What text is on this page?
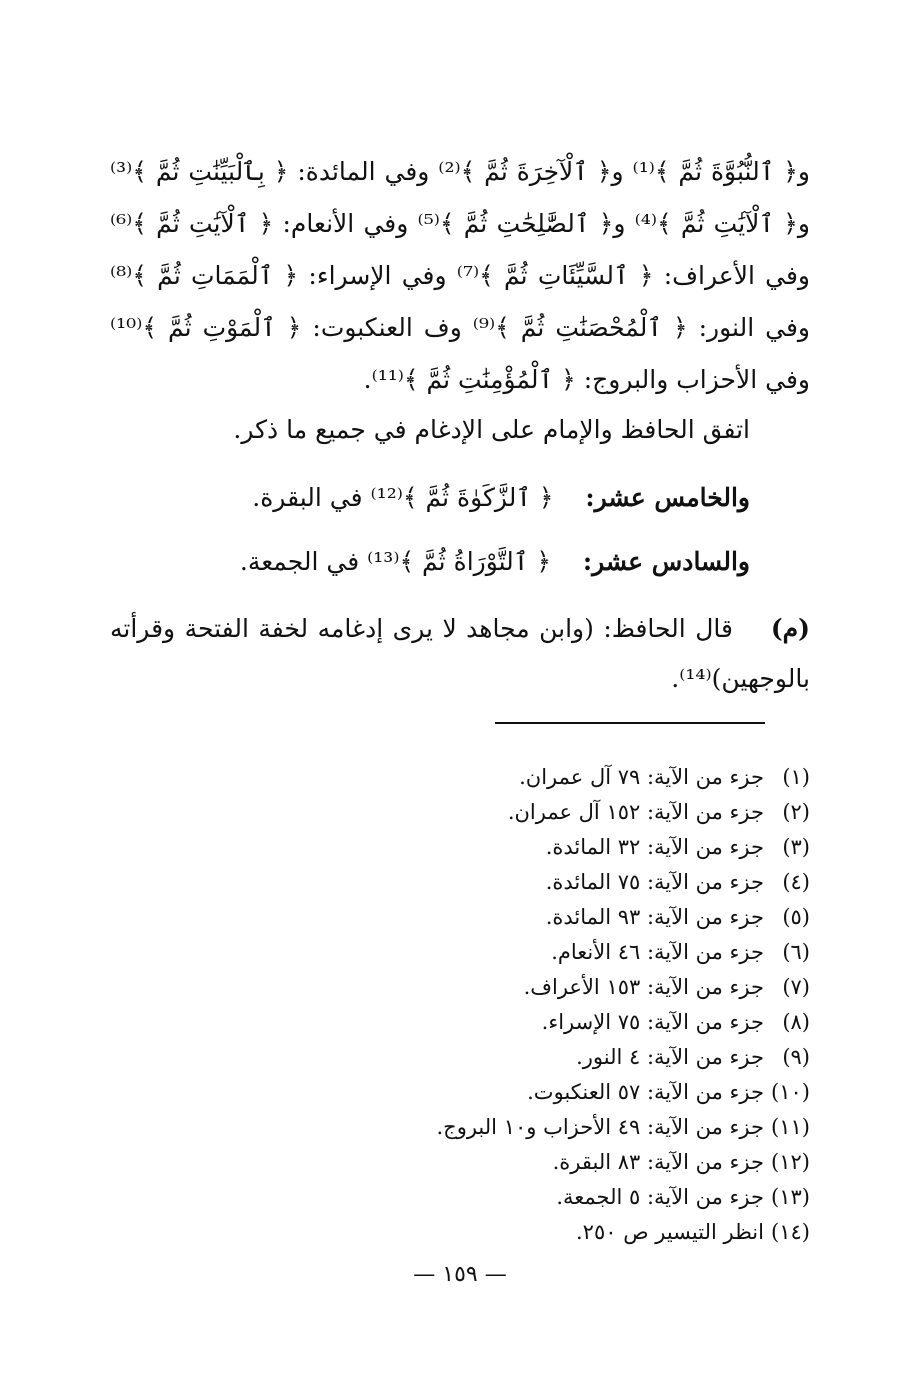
و﴿ ٱلنُّبُوَّةَ ثُمَّ ﴾⁽¹⁾ و﴿ ٱلْآخِرَةَ ثُمَّ ﴾⁽²⁾ وفي المائدة: ﴿ بِٱلْبَيِّنَٰتِ ثُمَّ ﴾⁽³⁾ و﴿ ٱلْآيَٰتِ ثُمَّ ﴾⁽⁴⁾ و﴿ ٱلصَّٰلِحَٰتِ ثُمَّ ﴾⁽⁵⁾ وفي الأنعام: ﴿ ٱلْآيَٰتِ ثُمَّ ﴾⁽⁶⁾ وفي الأعراف: ﴿ ٱلسَّيِّئَاتِ ثُمَّ ﴾⁽⁷⁾ وفي الإسراء: ﴿ ٱلْمَمَاتِ ثُمَّ ﴾⁽⁸⁾ وفي النور: ﴿ ٱلْمُحْصَنَٰتِ ثُمَّ ﴾⁽⁹⁾ وف العنكبوت: ﴿ ٱلْمَوْتِ ثُمَّ ﴾⁽¹⁰⁾ وفي الأحزاب والبروج: ﴿ ٱلْمُؤْمِنَٰتِ ثُمَّ ﴾⁽¹¹⁾.
اتفق الحافظ والإمام على الإدغام في جميع ما ذكر.
والخامس عشر:    ﴿ ٱلزَّكَوٰةَ ثُمَّ ﴾⁽¹²⁾ في البقرة.
والسادس عشر:    ﴿ ٱلتَّوْرَاةُ ثُمَّ ﴾⁽¹³⁾ في الجمعة.
(م)    قال الحافظ: (وابن مجاهد لا يرى إدغامه لخفة الفتحة وقرأته بالوجهين)⁽¹⁴⁾.
(١)جزء من الآية: ٧٩ آل عمران.
(٢)جزء من الآية: ١٥٢ آل عمران.
(٣)جزء من الآية: ٣٢ المائدة.
(٤)جزء من الآية: ٧٥ المائدة.
(٥)جزء من الآية: ٩٣ المائدة.
(٦)جزء من الآية: ٤٦ الأنعام.
(٧)جزء من الآية: ١٥٣ الأعراف.
(٨)جزء من الآية: ٧٥ الإسراء.
(٩)جزء من الآية: ٤ النور.
(١٠)جزء من الآية: ٥٧ العنكبوت.
(١١)جزء من الآية: ٤٩ الأحزاب و١٠ البروج.
(١٢)جزء من الآية: ٨٣ البقرة.
(١٣)جزء من الآية: ٥ الجمعة.
(١٤)انظر التيسير ص ٢٥٠.
— ١٥٩ —
